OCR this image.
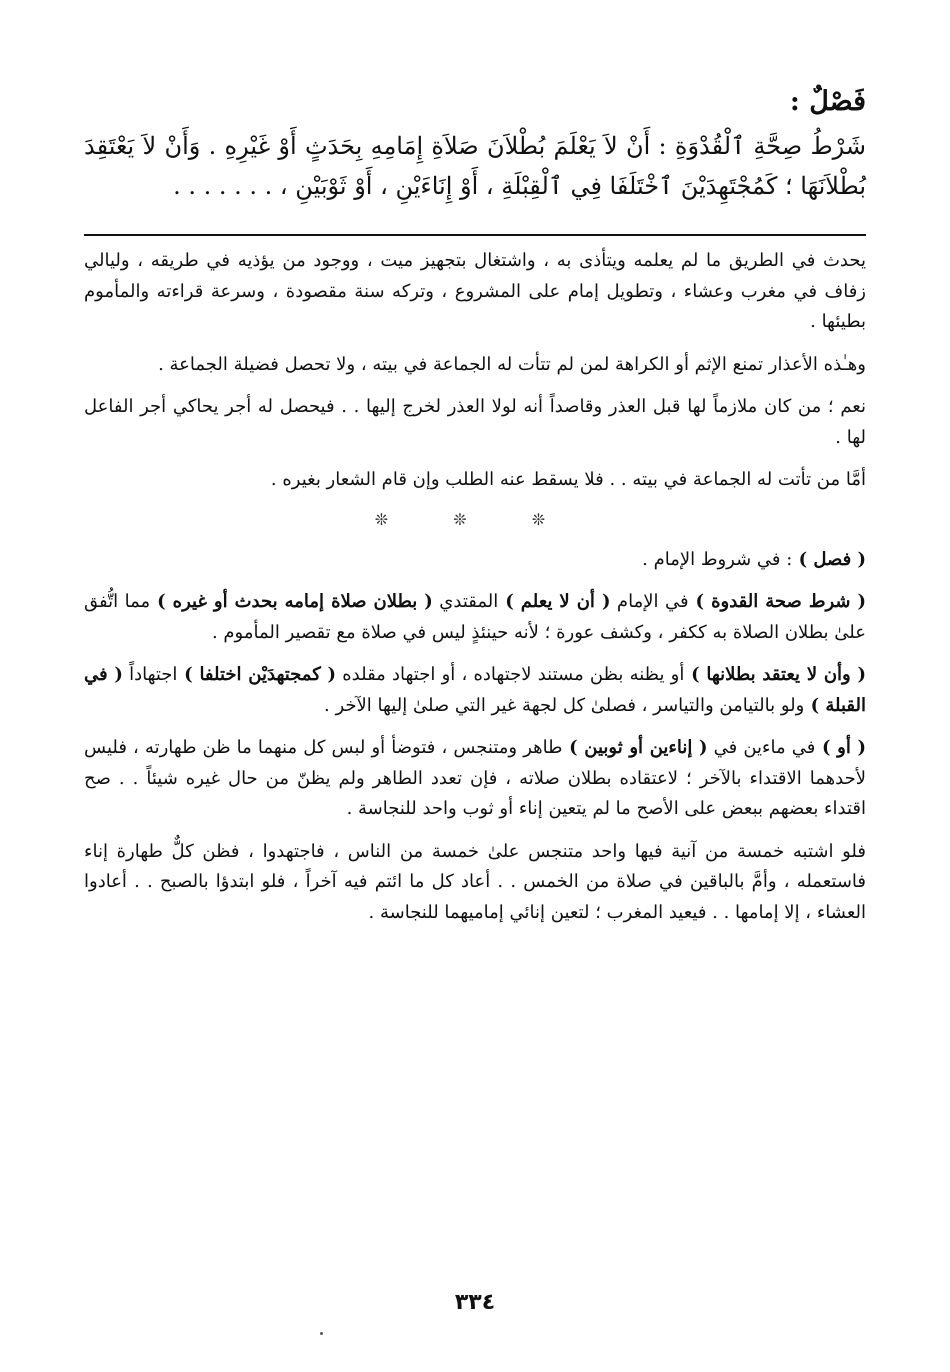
فَصْلٌ :

شَرْطُ صِحَّةِ ٱلْقُدْوَةِ : أَنْ لاَ يَعْلَمَ بُطْلاَنَ صَلاَةِ إِمَامِهِ بِحَدَثٍ أَوْ غَيْرِهِ . وَأَنْ لاَ يَعْتَقِدَ بُطْلاَنَهَا ؛ كَمُجْتَهِدَيْنَ ٱخْتَلَفَا فِي ٱلْقِبْلَةِ ، أَوْ إِنَاءَيْنِ ، أَوْ ثَوْبَيْنِ ، . . . . . . .

يحدث في الطريق ما لم يعلمه ويتأذى به ، واشتغال بتجهيز ميت ، ووجود من يؤذيه في طريقه ، وليالي زفاف في مغرب وعشاء ، وتطويل إمام على المشروع ، وتركه سنة مقصودة ، وسرعة قراءته والمأموم بطيئها .

وهـٰذه الأعذار تمنع الإثم أو الكراهة لمن لم تتأت له الجماعة في بيته ، ولا تحصل فضيلة الجماعة .

نعم ؛ من كان ملازماً لها قبل العذر وقاصداً أنه لولا العذر لخرج إليها . . فيحصل له أجر يحاكي أجر الفاعل لها .

أمَّا من تأتت له الجماعة في بيته . . فلا يسقط عنه الطلب وإن قام الشعار بغيره .

❊ ❊ ❊

( فصل ) : في شروط الإمام .

( شرط صحة القدوة ) في الإمام ( أن لا يعلم ) المقتدي ( بطلان صلاة إمامه بحدث أو غيره ) مما اتُّفق علىٰ بطلان الصلاة به ككفر ، وكشف عورة ؛ لأنه حينئذٍ ليس في صلاة مع تقصير المأموم .

( وأن لا يعتقد بطلانها ) أو يظنه بظن مستند لاجتهاده ، أو اجتهاد مقلده ( كمجتهدَيْن اختلفا ) اجتهاداً ( في القبلة ) ولو بالتيامن والتياسر ، فصلىٰ كل لجهة غير التي صلىٰ إليها الآخر .

( أو ) في ماءين في ( إناءين أو ثوبين ) طاهر ومتنجس ، فتوضأ أو لبس كل منهما ما ظن طهارته ، فليس لأحدهما الاقتداء بالآخر ؛ لاعتقاده بطلان صلاته ، فإن تعدد الطاهر ولم يظنّ من حال غيره شيئاً . . صح اقتداء بعضهم ببعض على الأصح ما لم يتعين إناء أو ثوب واحد للنجاسة .

فلو اشتبه خمسة من آنية فيها واحد متنجس علىٰ خمسة من الناس ، فاجتهدوا ، فظن كلٌّ طهارة إناء فاستعمله ، وأمَّ بالباقين في صلاة من الخمس . . أعاد كل ما ائتم فيه آخراً ، فلو ابتدؤا بالصبح . . أعادوا العشاء ، إلا إمامها . . فيعيد المغرب ؛ لتعين إنائي إماميهما للنجاسة .

٣٣٤
